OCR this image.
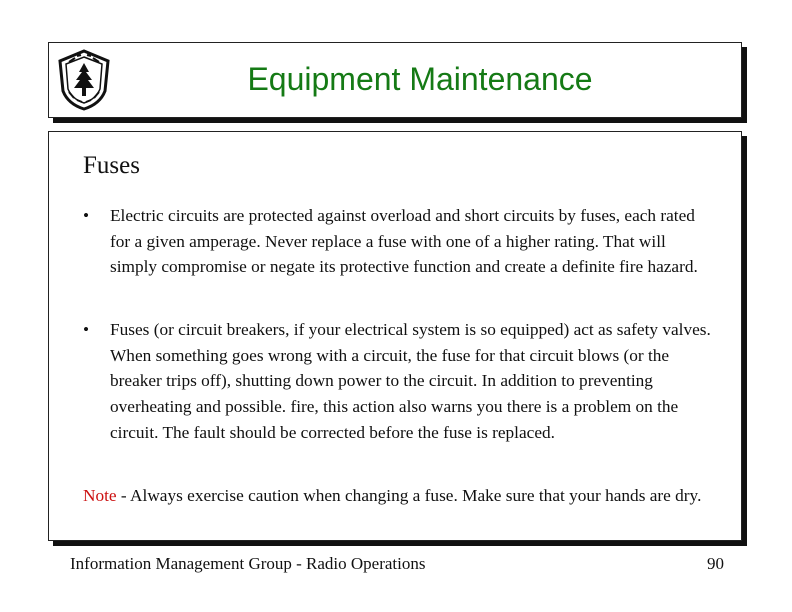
Equipment Maintenance
Fuses
•	Electric circuits are protected against overload and short circuits by fuses, each rated for a given amperage. Never replace a fuse with one of a higher rating. That will simply compromise or negate its protective function and create a definite fire hazard.
•	Fuses (or circuit breakers, if your electrical system is so equipped) act as safety valves. When something goes wrong with a circuit, the fuse for that circuit blows (or the breaker trips off), shutting down power to the circuit. In addition to preventing overheating and possible. fire, this action also warns you there is a problem on the circuit. The fault should be corrected before the fuse is replaced.
Note - Always exercise caution when changing a fuse. Make sure that your hands are dry.
Information Management Group - Radio Operations	90
